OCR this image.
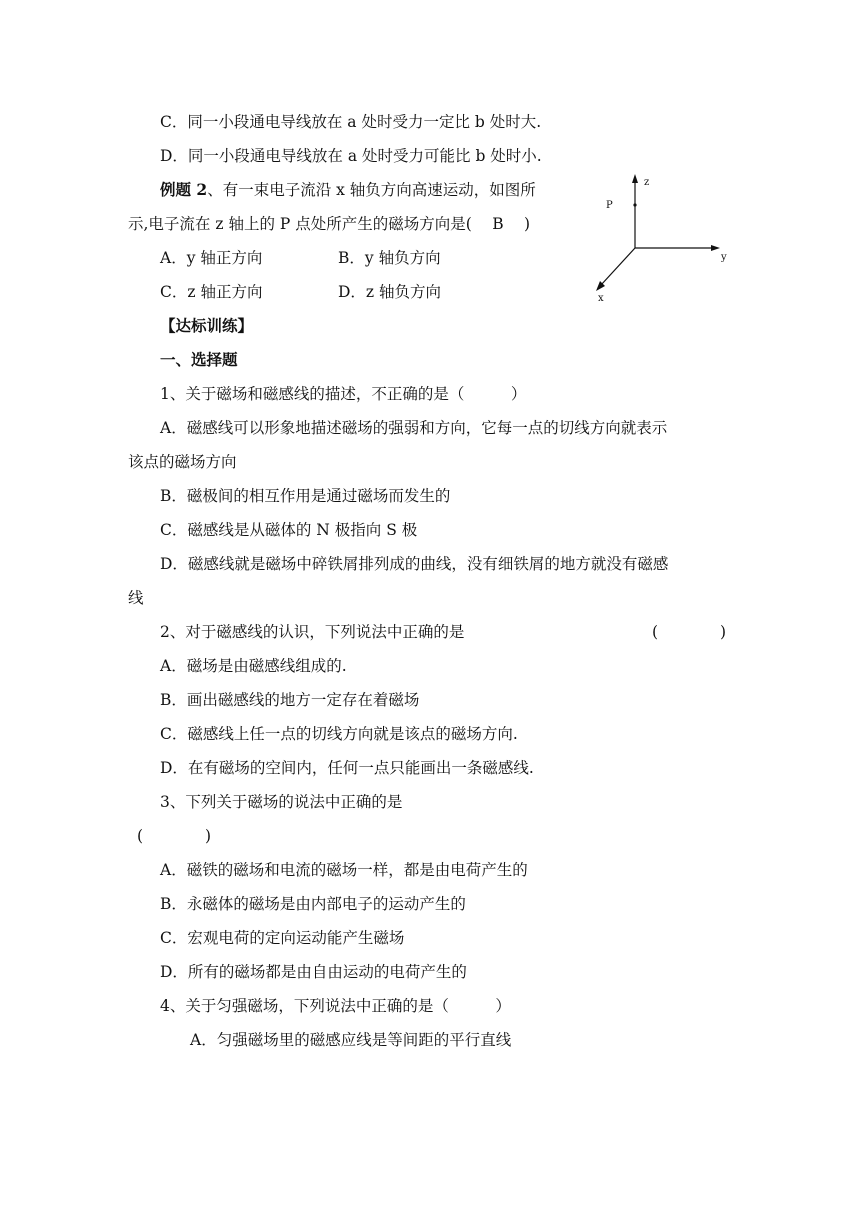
C．同一小段通电导线放在 a 处时受力一定比 b 处时大.
D．同一小段通电导线放在 a 处时受力可能比 b 处时小.
例题 2、有一束电子流沿 x 轴负方向高速运动，如图所
示,电子流在 z 轴上的 P 点处所产生的磁场方向是(　 B 　)
A．y 轴正方向	B．y 轴负方向
C．z 轴正方向	D．z 轴负方向
z
P
y
x
【达标训练】
一、选择题
1、关于磁场和磁感线的描述，不正确的是（　　　）
A．磁感线可以形象地描述磁场的强弱和方向，它每一点的切线方向就表示
该点的磁场方向
B．磁极间的相互作用是通过磁场而发生的
C．磁感线是从磁体的 N 极指向 S 极
D．磁感线就是磁场中碎铁屑排列成的曲线，没有细铁屑的地方就没有磁感
线
2、对于磁感线的认识，下列说法中正确的是	(　　　　)
A．磁场是由磁感线组成的.
B．画出磁感线的地方一定存在着磁场
C．磁感线上任一点的切线方向就是该点的磁场方向.
D．在有磁场的空间内，任何一点只能画出一条磁感线.
3、下列关于磁场的说法中正确的是
(　　　　)
A．磁铁的磁场和电流的磁场一样，都是由电荷产生的
B．永磁体的磁场是由内部电子的运动产生的
C．宏观电荷的定向运动能产生磁场
D．所有的磁场都是由自由运动的电荷产生的
4、关于匀强磁场，下列说法中正确的是（　　　）
A．匀强磁场里的磁感应线是等间距的平行直线
